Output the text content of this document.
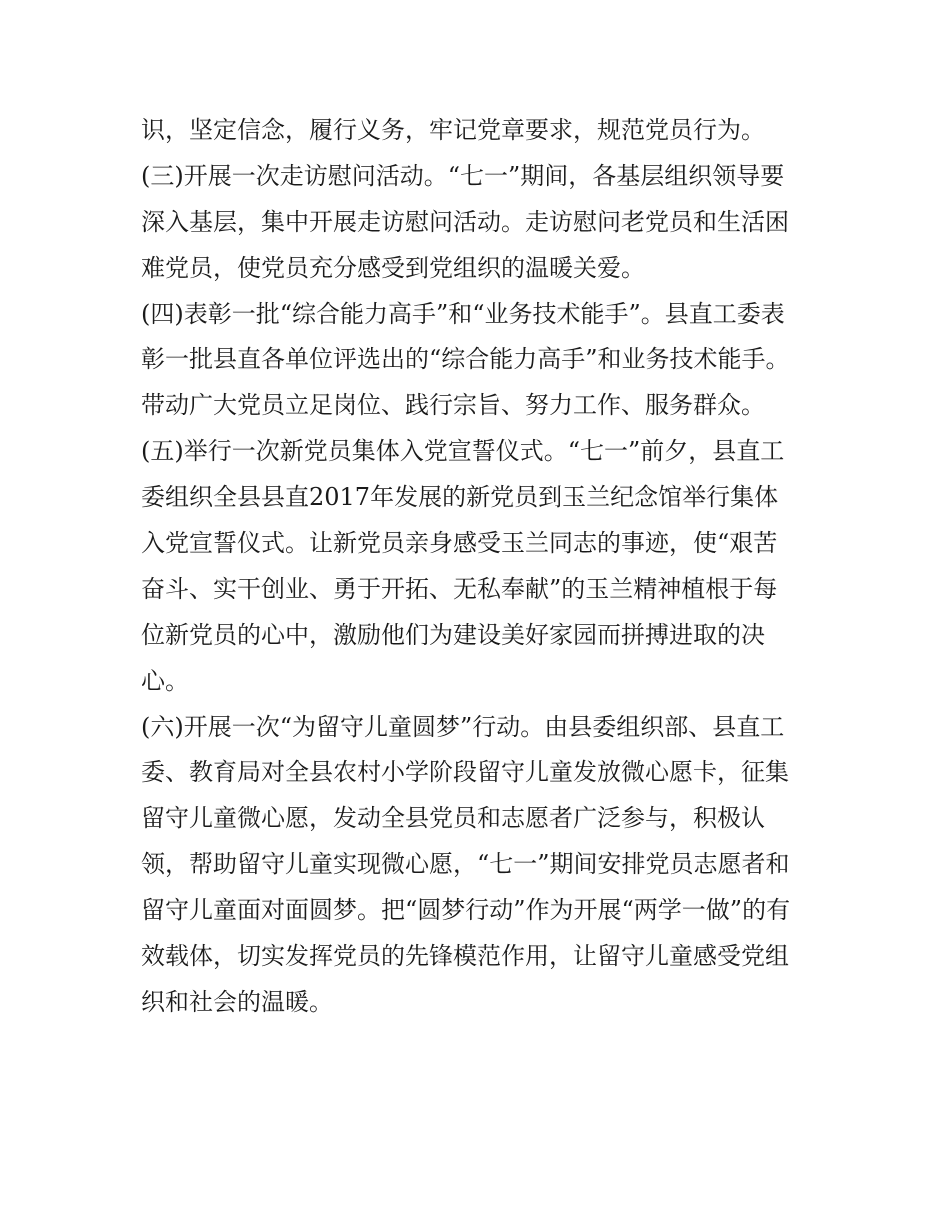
识，坚定信念，履行义务，牢记党章要求，规范党员行为。
(三)开展一次走访慰问活动。“七一”期间，各基层组织领导要
深入基层，集中开展走访慰问活动。走访慰问老党员和生活困
难党员，使党员充分感受到党组织的温暖关爱。
(四)表彰一批“综合能力高手”和“业务技术能手”。县直工委表
彰一批县直各单位评选出的“综合能力高手”和业务技术能手。
带动广大党员立足岗位、践行宗旨、努力工作、服务群众。
(五)举行一次新党员集体入党宣誓仪式。“七一”前夕，县直工
委组织全县县直2017年发展的新党员到玉兰纪念馆举行集体
入党宣誓仪式。让新党员亲身感受玉兰同志的事迹，使“艰苦
奋斗、实干创业、勇于开拓、无私奉献”的玉兰精神植根于每
位新党员的心中，激励他们为建设美好家园而拼搏进取的决
心。
(六)开展一次“为留守儿童圆梦”行动。由县委组织部、县直工
委、教育局对全县农村小学阶段留守儿童发放微心愿卡，征集
留守儿童微心愿，发动全县党员和志愿者广泛参与，积极认
领，帮助留守儿童实现微心愿，“七一”期间安排党员志愿者和
留守儿童面对面圆梦。把“圆梦行动”作为开展“两学一做”的有
效载体，切实发挥党员的先锋模范作用，让留守儿童感受党组
织和社会的温暖。
